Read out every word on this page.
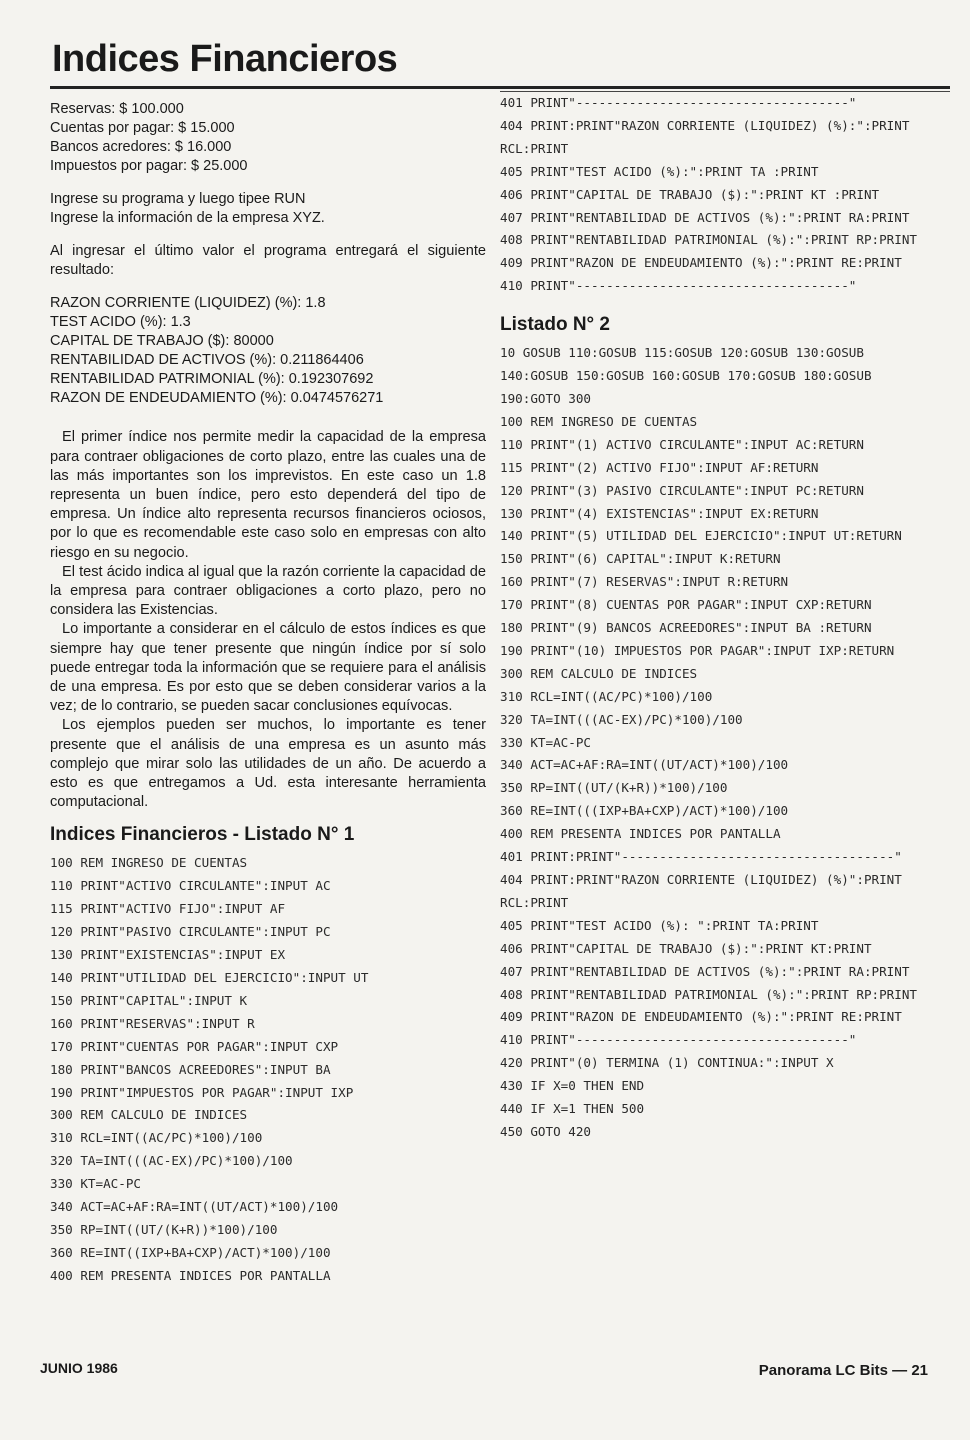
Indices Financieros

Reservas: $ 100.000

Cuentas por pagar: $ 15.000

Bancos acredores: $ 16.000

Impuestos por pagar: $ 25.000

Ingrese su programa y luego tipee RUN

Ingrese la información de la empresa XYZ.

Al ingresar el último valor el programa entregará el siguiente resultado:

RAZON CORRIENTE (LIQUIDEZ) (%): 1.8

TEST ACIDO (%): 1.3

CAPITAL DE TRABAJO ($): 80000

RENTABILIDAD DE ACTIVOS (%): 0.211864406

RENTABILIDAD PATRIMONIAL (%): 0.192307692

RAZON DE ENDEUDAMIENTO (%): 0.0474576271

El primer índice nos permite medir la capacidad de la empresa para contraer obligaciones de corto plazo, entre las cuales una de las más importantes son los imprevistos. En este caso un 1.8 representa un buen índice, pero esto dependerá del tipo de empresa. Un índice alto representa recursos financieros ociosos, por lo que es recomendable este caso solo en empresas con alto riesgo en su negocio.

El test ácido indica al igual que la razón corriente la capacidad de la empresa para contraer obligaciones a corto plazo, pero no considera las Existencias.

Lo importante a considerar en el cálculo de estos índices es que siempre hay que tener presente que ningún índice por sí solo puede entregar toda la información que se requiere para el análisis de una empresa. Es por esto que se deben considerar varios a la vez; de lo contrario, se pueden sacar conclusiones equívocas.

Los ejemplos pueden ser muchos, lo importante es tener presente que el análisis de una empresa es un asunto más complejo que mirar solo las utilidades de un año. De acuerdo a esto es que entregamos a Ud. esta interesante herramienta computacional.

Indices Financieros - Listado N° 1
100 REM INGRESO DE CUENTAS
110 PRINT"ACTIVO CIRCULANTE":INPUT AC
115 PRINT"ACTIVO FIJO":INPUT AF
120 PRINT"PASIVO CIRCULANTE":INPUT PC
130 PRINT"EXISTENCIAS":INPUT EX
140 PRINT"UTILIDAD DEL EJERCICIO":INPUT UT
150 PRINT"CAPITAL":INPUT K
160 PRINT"RESERVAS":INPUT R
170 PRINT"CUENTAS POR PAGAR":INPUT CXP
180 PRINT"BANCOS ACREEDORES":INPUT BA
190 PRINT"IMPUESTOS POR PAGAR":INPUT IXP
300 REM CALCULO DE INDICES
310 RCL=INT((AC/PC)*100)/100
320 TA=INT(((AC-EX)/PC)*100)/100
330 KT=AC-PC
340 ACT=AC+AF:RA=INT((UT/ACT)*100)/100
350 RP=INT((UT/(K+R))*100)/100
360 RE=INT((IXP+BA+CXP)/ACT)*100)/100
400 REM PRESENTA INDICES POR PANTALLA
401 PRINT"------------------------------------"
404 PRINT:PRINT"RAZON CORRIENTE (LIQUIDEZ) (%):":PRINT RCL:PRINT
405 PRINT"TEST ACIDO (%):":PRINT TA :PRINT
406 PRINT"CAPITAL DE TRABAJO ($):":PRINT KT :PRINT
407 PRINT"RENTABILIDAD DE ACTIVOS (%):":PRINT RA:PRINT
408 PRINT"RENTABILIDAD PATRIMONIAL (%):":PRINT RP:PRINT
409 PRINT"RAZON DE ENDEUDAMIENTO (%):":PRINT RE:PRINT
410 PRINT"------------------------------------"
Listado N° 2
10 GOSUB 110:GOSUB 115:GOSUB 120:GOSUB 130:GOSUB 140:GOSUB 150:GOSUB 160:GOSUB 170:GOSUB 180:GOSUB 190:GOTO 300
100 REM INGRESO DE CUENTAS
110 PRINT"(1) ACTIVO CIRCULANTE":INPUT AC:RETURN
115 PRINT"(2) ACTIVO FIJO":INPUT AF:RETURN
120 PRINT"(3) PASIVO CIRCULANTE":INPUT PC:RETURN
130 PRINT"(4) EXISTENCIAS":INPUT EX:RETURN
140 PRINT"(5) UTILIDAD DEL EJERCICIO":INPUT UT:RETURN
150 PRINT"(6) CAPITAL":INPUT K:RETURN
160 PRINT"(7) RESERVAS":INPUT R:RETURN
170 PRINT"(8) CUENTAS POR PAGAR":INPUT CXP:RETURN
180 PRINT"(9) BANCOS ACREEDORES":INPUT BA :RETURN
190 PRINT"(10) IMPUESTOS POR PAGAR":INPUT IXP:RETURN
300 REM CALCULO DE INDICES
310 RCL=INT((AC/PC)*100)/100
320 TA=INT(((AC-EX)/PC)*100)/100
330 KT=AC-PC
340 ACT=AC+AF:RA=INT((UT/ACT)*100)/100
350 RP=INT((UT/(K+R))*100)/100
360 RE=INT(((IXP+BA+CXP)/ACT)*100)/100
400 REM PRESENTA INDICES POR PANTALLA
401 PRINT:PRINT"------------------------------------"
404 PRINT:PRINT"RAZON CORRIENTE (LIQUIDEZ) (%)":PRINT RCL:PRINT
405 PRINT"TEST ACIDO (%): ":PRINT TA:PRINT
406 PRINT"CAPITAL DE TRABAJO ($):":PRINT KT:PRINT
407 PRINT"RENTABILIDAD DE ACTIVOS (%):":PRINT RA:PRINT
408 PRINT"RENTABILIDAD PATRIMONIAL (%):":PRINT RP:PRINT
409 PRINT"RAZON DE ENDEUDAMIENTO (%):":PRINT RE:PRINT
410 PRINT"------------------------------------"
420 PRINT"(0) TERMINA (1) CONTINUA:":INPUT X
430 IF X=0 THEN END
440 IF X=1 THEN 500
450 GOTO 420
JUNIO 1986	Panorama LC Bits — 21
